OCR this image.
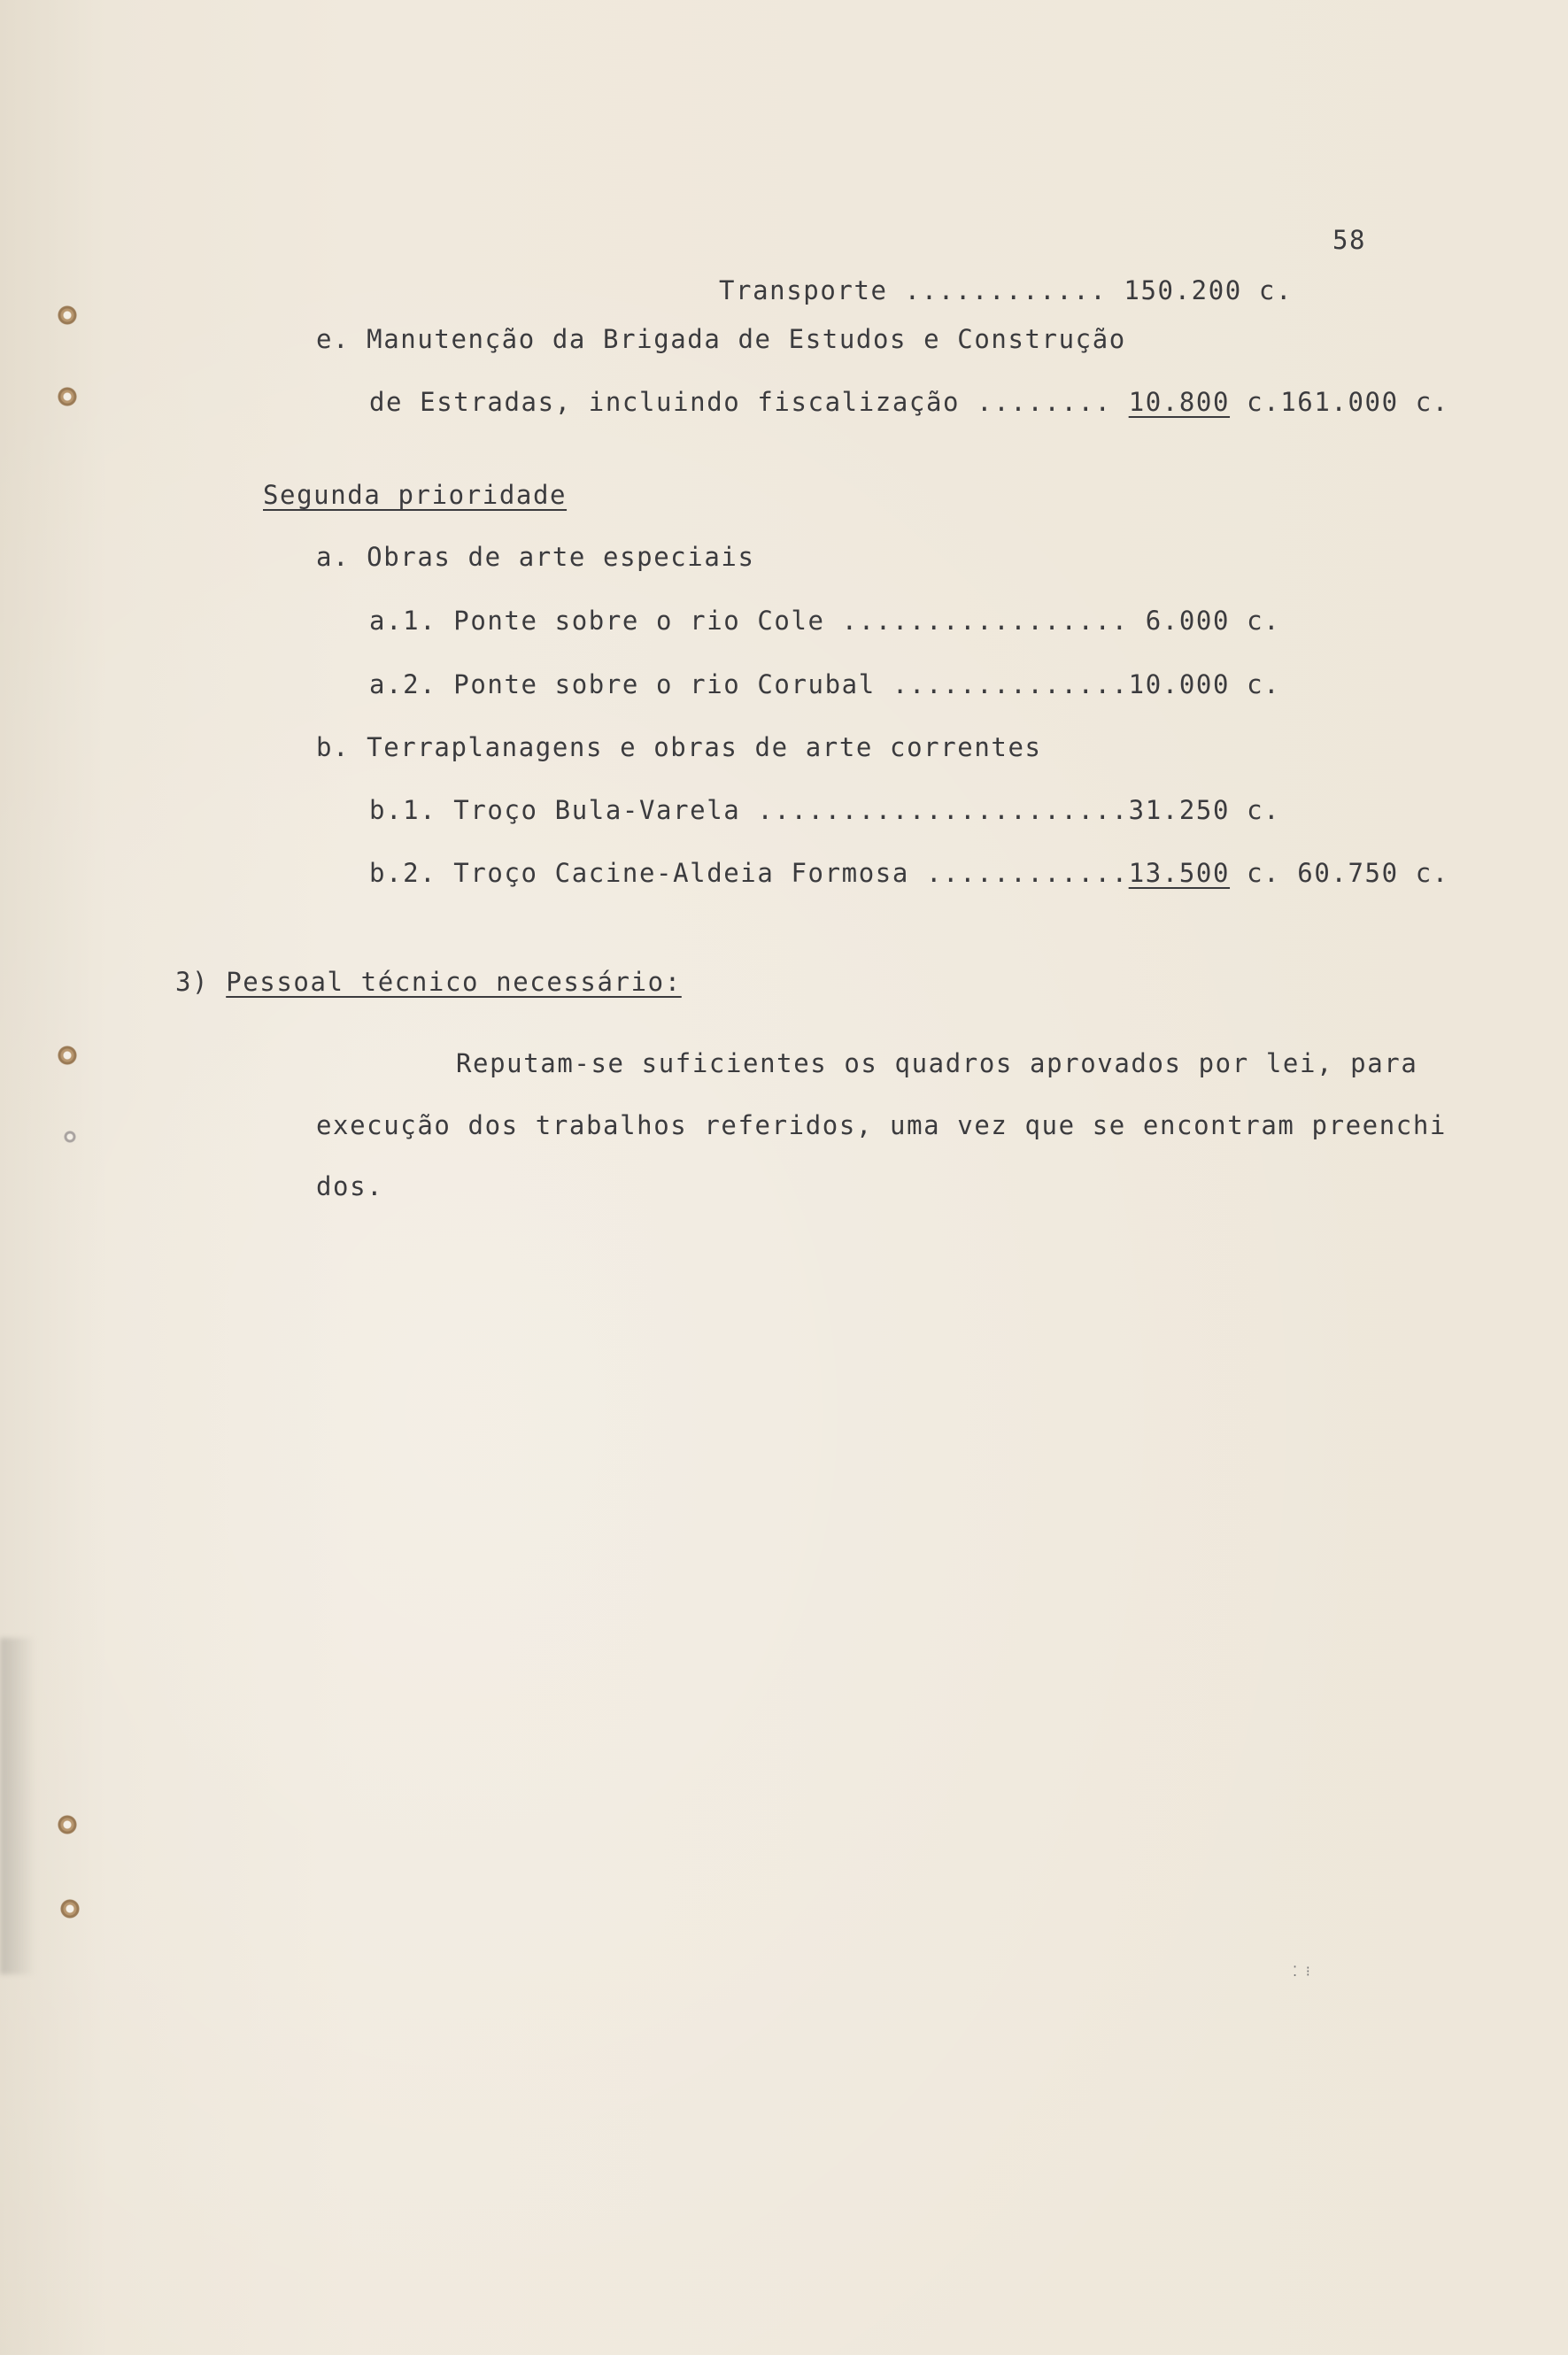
58
Transporte ............ 150.200 c.
e. Manutenção da Brigada de Estudos e Construção
de Estradas, incluindo fiscalização ........ 10.800 c.161.000 c.
Segunda prioridade
a. Obras de arte especiais
a.1. Ponte sobre o rio Cole ................. 6.000 c.
a.2. Ponte sobre o rio Corubal ..............10.000 c.
b. Terraplanagens e obras de arte correntes
b.1. Troço Bula-Varela ......................31.250 c.
b.2. Troço Cacine-Aldeia Formosa ............13.500 c. 60.750 c.
3) Pessoal técnico necessário:
Reputam-se suficientes os quadros aprovados por lei, para
execução dos trabalhos referidos, uma vez que se encontram preenchi
dos.
⁚ ⁝
